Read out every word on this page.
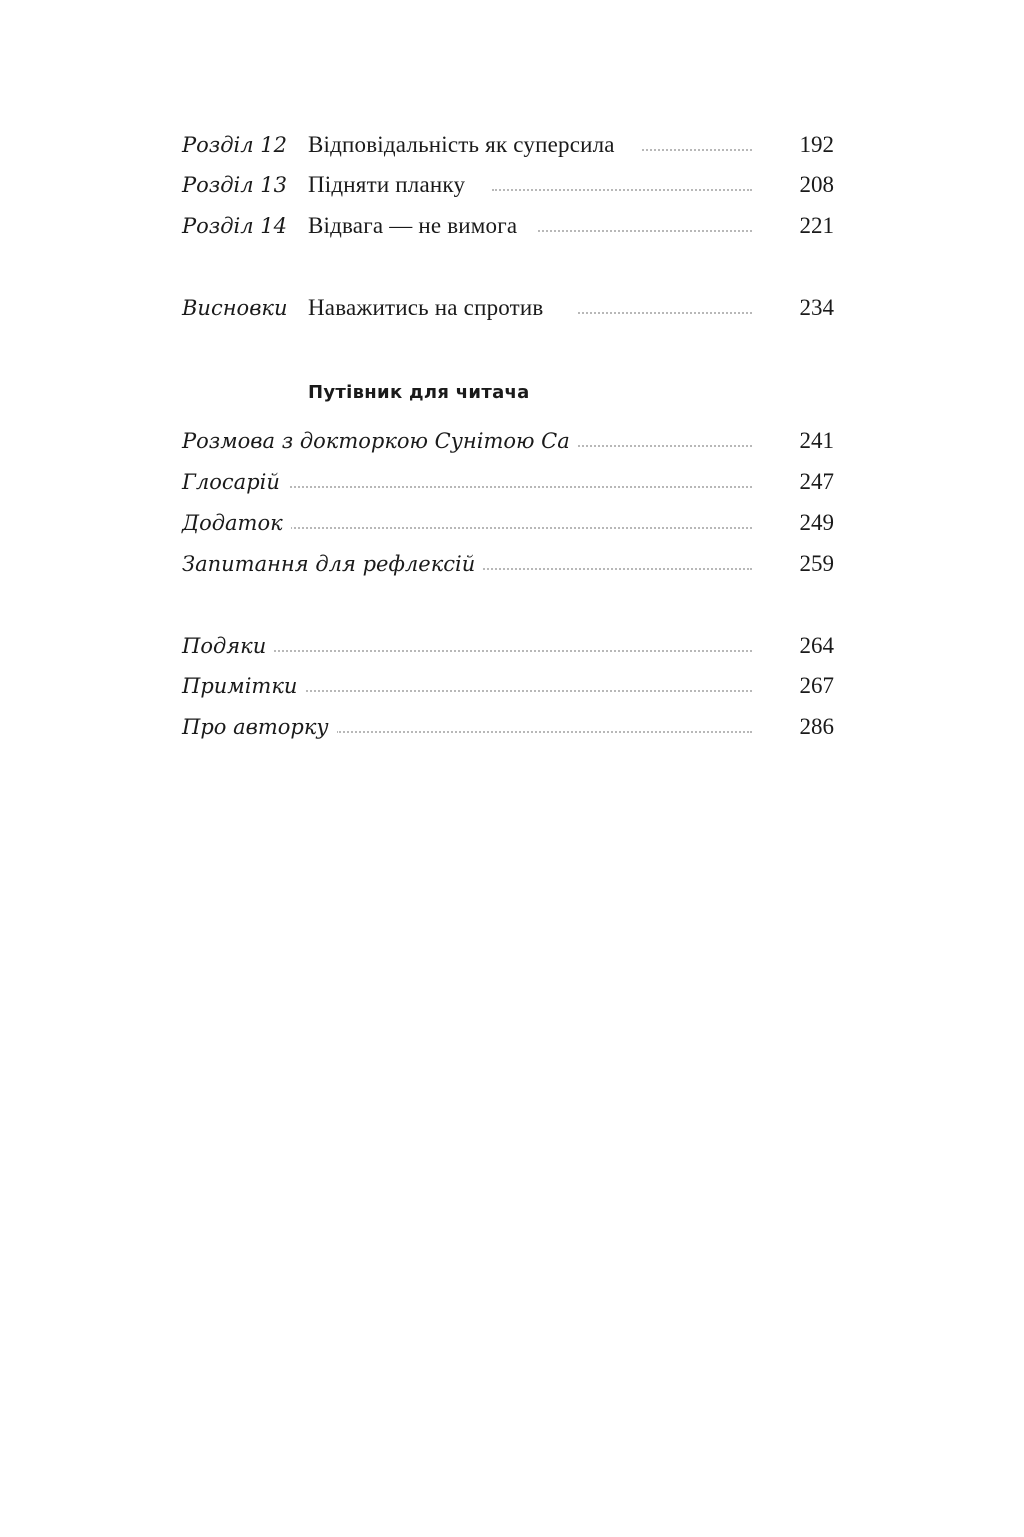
Розділ 12 Відповідальність як суперсила	192
Розділ 13 Підняти планку	208
Розділ 14 Відвага — не вимога	221
Висновки Наважитись на спротив	234
Путівник для читача
Розмова з докторкою Сунітою Са	241
Глосарій	247
Додаток	249
Запитання для рефлексій	259
Подяки	264
Примітки	267
Про авторку	286
